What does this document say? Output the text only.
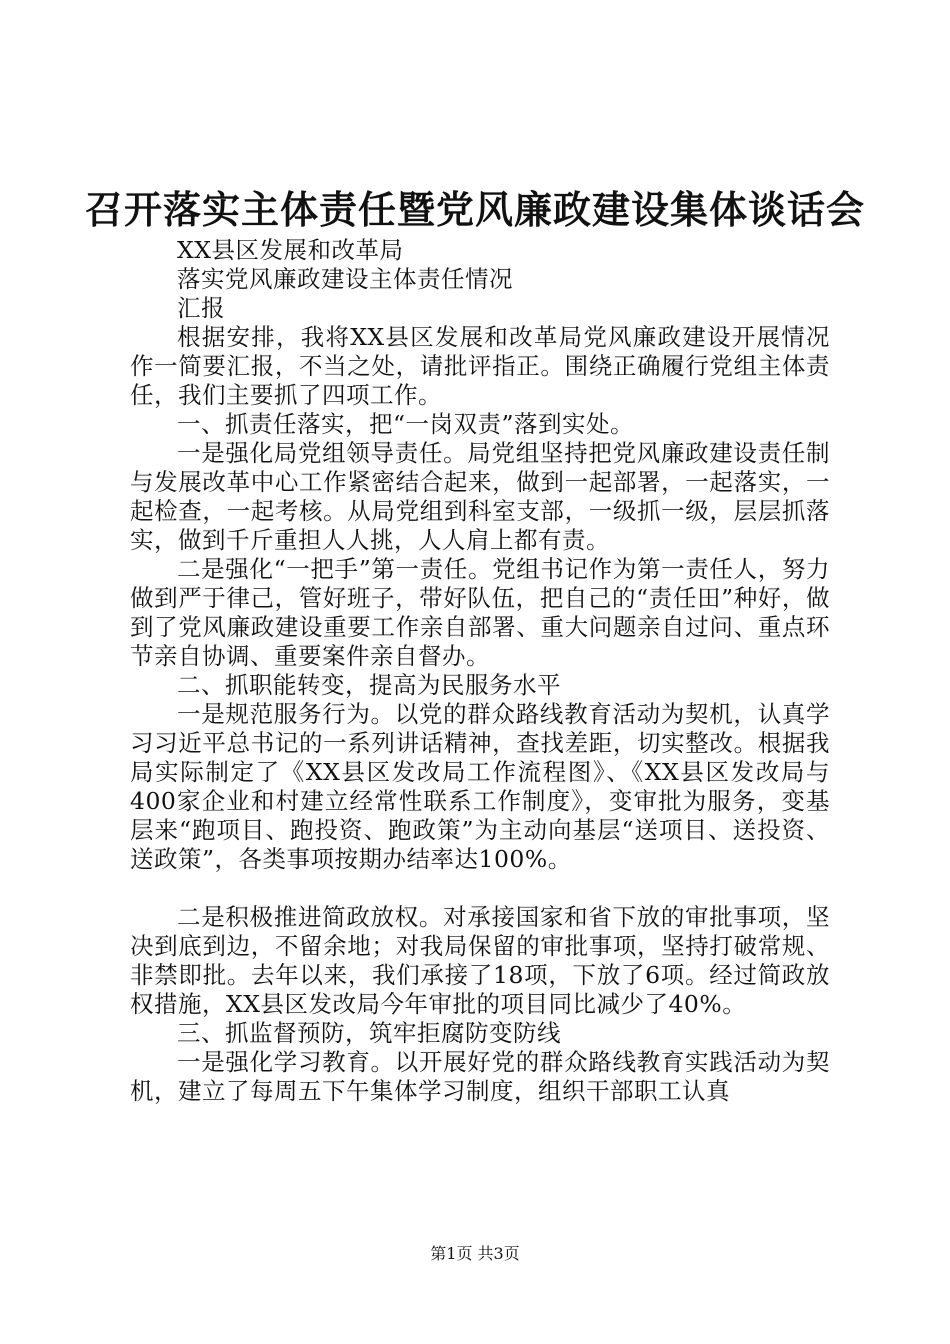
召开落实主体责任暨党风廉政建设集体谈话会

XX县区发展和改革局

落实党风廉政建设主体责任情况

汇报

根据安排，我将XX县区发展和改革局党风廉政建设开展情况作一简要汇报，不当之处，请批评指正。围绕正确履行党组主体责任，我们主要抓了四项工作。

一、抓责任落实，把“一岗双责”落到实处。

一是强化局党组领导责任。局党组坚持把党风廉政建设责任制与发展改革中心工作紧密结合起来，做到一起部署，一起落实，一起检查，一起考核。从局党组到科室支部，一级抓一级，层层抓落实，做到千斤重担人人挑，人人肩上都有责。

二是强化“一把手”第一责任。党组书记作为第一责任人，努力做到严于律己，管好班子，带好队伍，把自己的“责任田”种好，做到了党风廉政建设重要工作亲自部署、重大问题亲自过问、重点环节亲自协调、重要案件亲自督办。

二、抓职能转变，提高为民服务水平

一是规范服务行为。以党的群众路线教育活动为契机，认真学习习近平总书记的一系列讲话精神，查找差距，切实整改。根据我局实际制定了《XX县区发改局工作流程图》、《XX县区发改局与400家企业和村建立经常性联系工作制度》，变审批为服务，变基层来“跑项目、跑投资、跑政策”为主动向基层“送项目、送投资、送政策”，各类事项按期办结率达100%。

二是积极推进简政放权。对承接国家和省下放的审批事项，坚决到底到边，不留余地；对我局保留的审批事项，坚持打破常规、非禁即批。去年以来，我们承接了18项，下放了6项。经过简政放权措施，XX县区发改局今年审批的项目同比减少了40%。

三、抓监督预防，筑牢拒腐防变防线

一是强化学习教育。以开展好党的群众路线教育实践活动为契机，建立了每周五下午集体学习制度，组织干部职工认真

第1页 共3页
